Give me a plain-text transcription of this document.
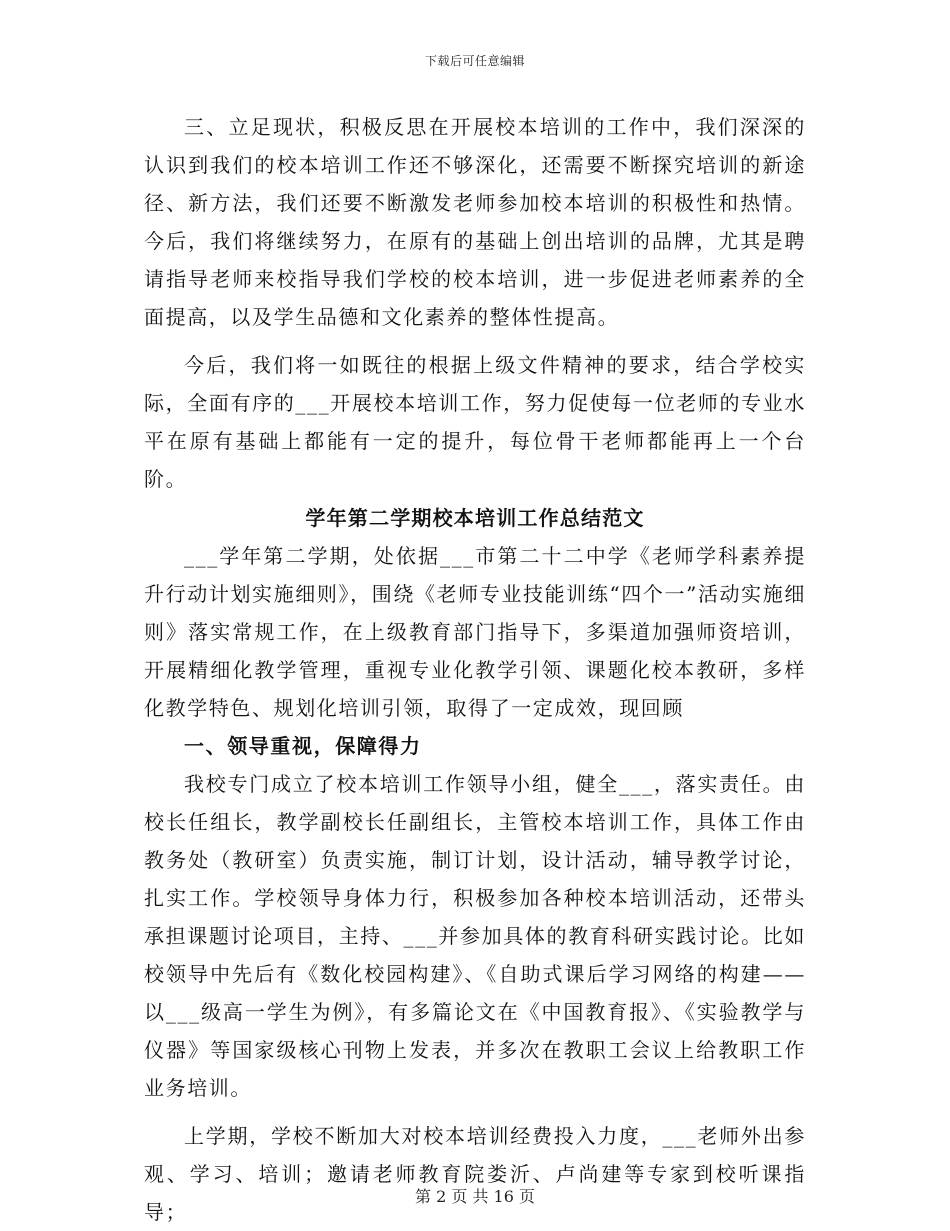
下载后可任意编辑

三、立足现状，积极反思在开展校本培训的工作中，我们深深的认识到我们的校本培训工作还不够深化，还需要不断探究培训的新途径、新方法，我们还要不断激发老师参加校本培训的积极性和热情。今后，我们将继续努力，在原有的基础上创出培训的品牌，尤其是聘请指导老师来校指导我们学校的校本培训，进一步促进老师素养的全面提高，以及学生品德和文化素养的整体性提高。

今后，我们将一如既往的根据上级文件精神的要求，结合学校实际，全面有序的___开展校本培训工作，努力促使每一位老师的专业水平在原有基础上都能有一定的提升，每位骨干老师都能再上一个台阶。

学年第二学期校本培训工作总结范文

___学年第二学期，处依据___市第二十二中学《老师学科素养提升行动计划实施细则》，围绕《老师专业技能训练“四个一”活动实施细则》落实常规工作，在上级教育部门指导下，多渠道加强师资培训，开展精细化教学管理，重视专业化教学引领、课题化校本教研，多样化教学特色、规划化培训引领，取得了一定成效，现回顾

一、领导重视，保障得力

我校专门成立了校本培训工作领导小组，健全___，落实责任。由校长任组长，教学副校长任副组长，主管校本培训工作，具体工作由教务处（教研室）负责实施，制订计划，设计活动，辅导教学讨论，扎实工作。学校领导身体力行，积极参加各种校本培训活动，还带头承担课题讨论项目，主持、___并参加具体的教育科研实践讨论。比如校领导中先后有《数化校园构建》、《自助式课后学习网络的构建——以___级高一学生为例》，有多篇论文在《中国教育报》、《实验教学与仪器》等国家级核心刊物上发表，并多次在教职工会议上给教职工作业务培训。

上学期，学校不断加大对校本培训经费投入力度，___老师外出参观、学习、培训；邀请老师教育院娄沂、卢尚建等专家到校听课指导；

第 2 页 共 16 页
